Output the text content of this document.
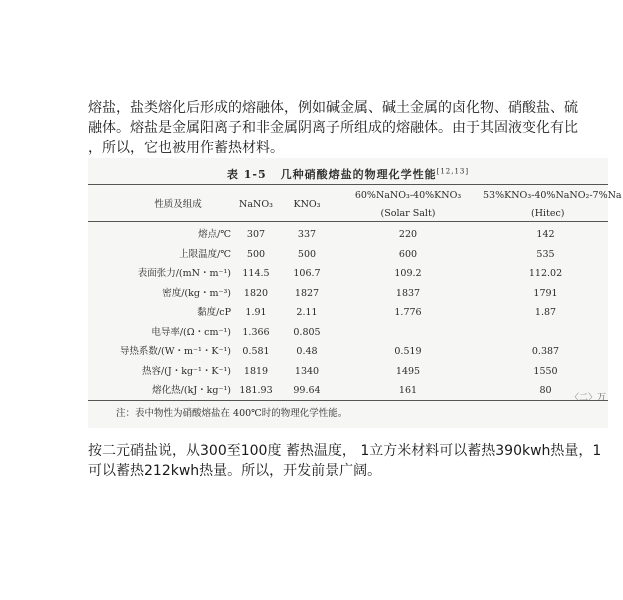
熔盐，盐类熔化后形成的熔融体，例如碱金属、碱土金属的卤化物、硝酸盐、硫
融体。熔盐是金属阳离子和非金属阴离子所组成的熔融体。由于其固液变化有比
，所以，它也被用作蓄热材料。
表 1-5 几种硝酸熔盐的物理化学性能[12,13]
性质及组成	NaNO₃	KNO₃
60%NaNO₃-40%KNO₃
(Solar Salt)
53%KNO₃-40%NaNO₂-7%Na
(Hitec)
熔点/℃	307	337	220	142
上限温度/℃	500	500	600	535
表面张力/(mN・m⁻¹)	114.5	106.7	109.2	112.02
密度/(kg・m⁻³)	1820	1827	1837	1791
黏度/cP	1.91	2.11	1.776	1.87
电导率/(Ω・cm⁻¹)	1.366	0.805
导热系数/(W・m⁻¹・K⁻¹)	0.581	0.48	0.519	0.387
热容/(J・kg⁻¹・K⁻¹)	1819	1340	1495	1550
熔化热/(kJ・kg⁻¹) 181.93	99.64	161	80
注：表中物性为硝酸熔盐在 400℃时的物理化学性能。
〈二〉万
按二元硝盐说，从300至100度 蓄热温度， 1立方米材料可以蓄热390kwh热量，1
可以蓄热212kwh热量。所以，开发前景广阔。
